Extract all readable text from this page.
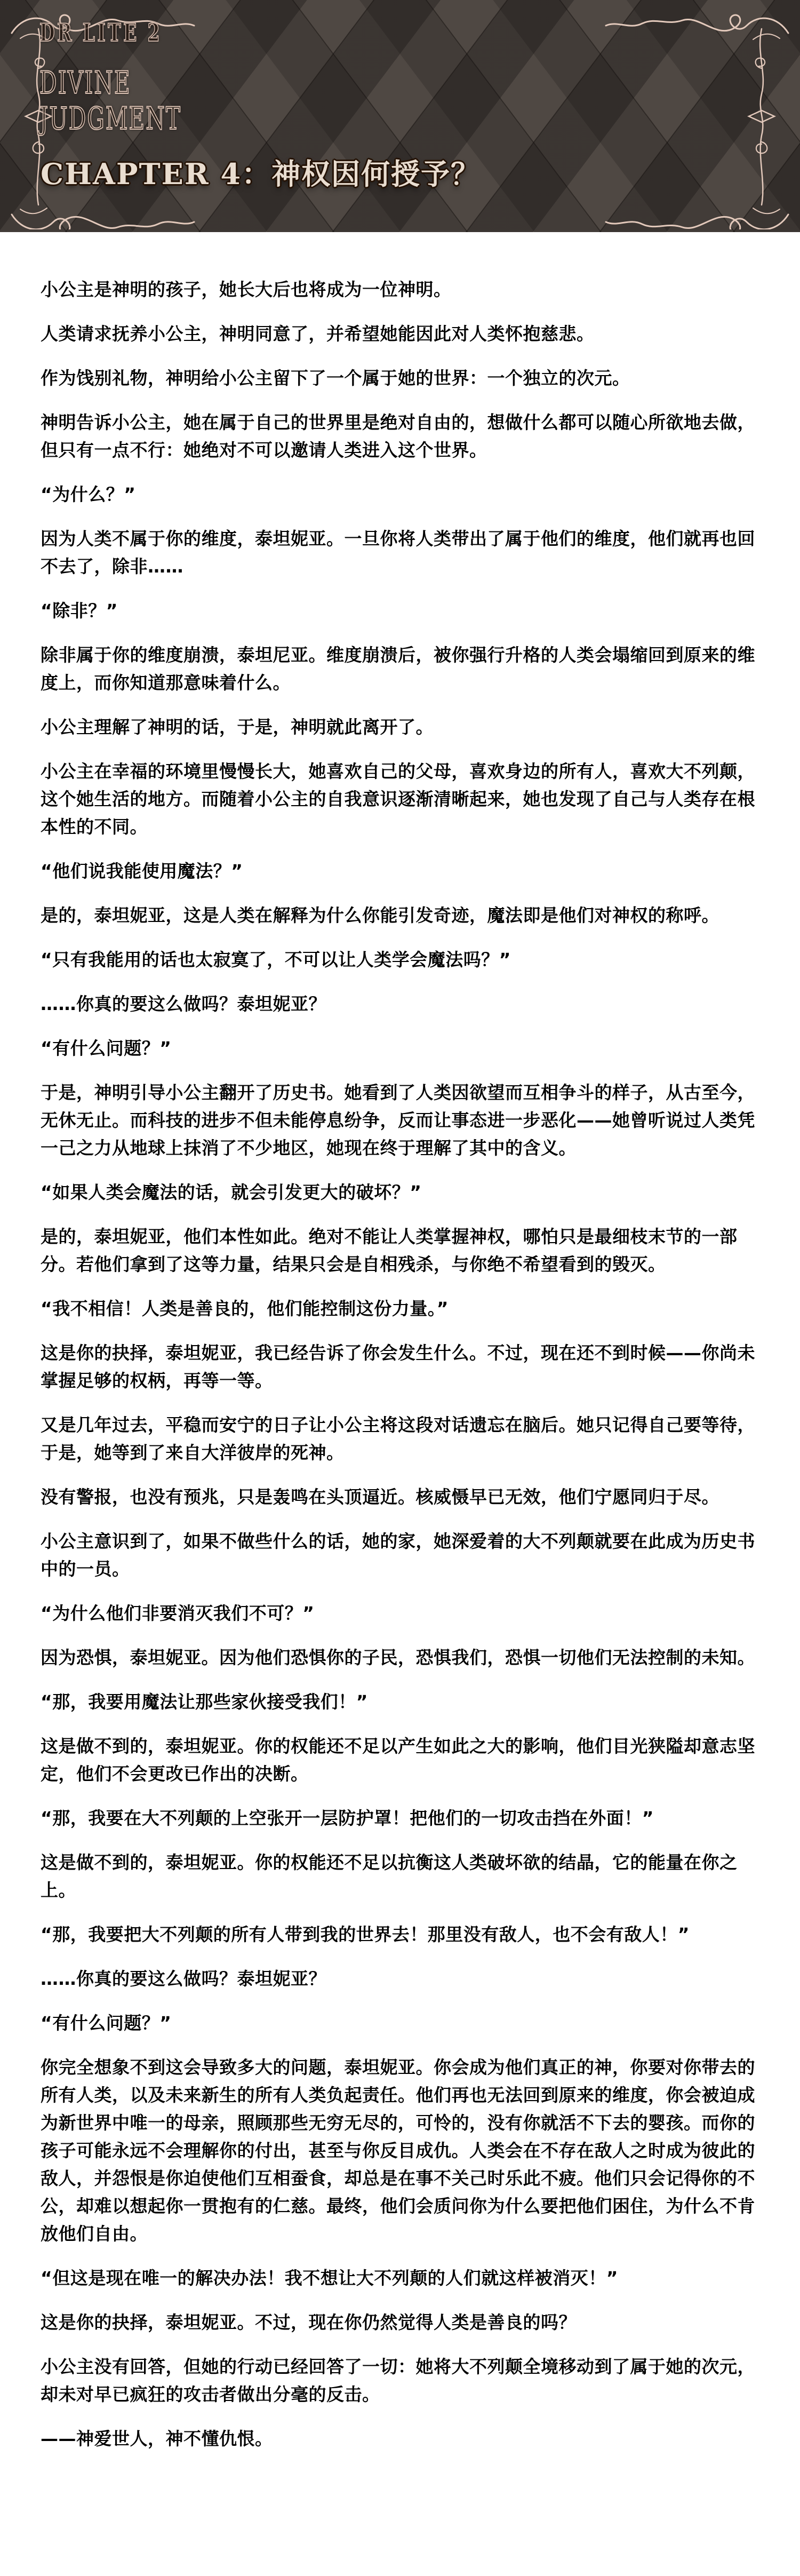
DR LITE 2
DIVINE
JUDGMENT
CHAPTER 4：神权因何授予？

小公主是神明的孩子，她长大后也将成为一位神明。

人类请求抚养小公主，神明同意了，并希望她能因此对人类怀抱慈悲。

作为饯别礼物，神明给小公主留下了一个属于她的世界：一个独立的次元。

神明告诉小公主，她在属于自己的世界里是绝对自由的，想做什么都可以随心所欲地去做，但只有一点不行：她绝对不可以邀请人类进入这个世界。

“为什么？”

因为人类不属于你的维度，泰坦妮亚。一旦你将人类带出了属于他们的维度，他们就再也回不去了，除非……

“除非？”

除非属于你的维度崩溃，泰坦尼亚。维度崩溃后，被你强行升格的人类会塌缩回到原来的维度上，而你知道那意味着什么。

小公主理解了神明的话，于是，神明就此离开了。

小公主在幸福的环境里慢慢长大，她喜欢自己的父母，喜欢身边的所有人，喜欢大不列颠，这个她生活的地方。而随着小公主的自我意识逐渐清晰起来，她也发现了自己与人类存在根本性的不同。

“他们说我能使用魔法？”

是的，泰坦妮亚，这是人类在解释为什么你能引发奇迹，魔法即是他们对神权的称呼。

“只有我能用的话也太寂寞了，不可以让人类学会魔法吗？”

……你真的要这么做吗？泰坦妮亚？

“有什么问题？”

于是，神明引导小公主翻开了历史书。她看到了人类因欲望而互相争斗的样子，从古至今，无休无止。而科技的进步不但未能停息纷争，反而让事态进一步恶化——她曾听说过人类凭一己之力从地球上抹消了不少地区，她现在终于理解了其中的含义。

“如果人类会魔法的话，就会引发更大的破坏？”

是的，泰坦妮亚，他们本性如此。绝对不能让人类掌握神权，哪怕只是最细枝末节的一部分。若他们拿到了这等力量，结果只会是自相残杀，与你绝不希望看到的毁灭。

“我不相信！人类是善良的，他们能控制这份力量。”

这是你的抉择，泰坦妮亚，我已经告诉了你会发生什么。不过，现在还不到时候——你尚未掌握足够的权柄，再等一等。

又是几年过去，平稳而安宁的日子让小公主将这段对话遗忘在脑后。她只记得自己要等待，于是，她等到了来自大洋彼岸的死神。

没有警报，也没有预兆，只是轰鸣在头顶逼近。核威慑早已无效，他们宁愿同归于尽。

小公主意识到了，如果不做些什么的话，她的家，她深爱着的大不列颠就要在此成为历史书中的一员。

“为什么他们非要消灭我们不可？”

因为恐惧，泰坦妮亚。因为他们恐惧你的子民，恐惧我们，恐惧一切他们无法控制的未知。

“那，我要用魔法让那些家伙接受我们！”

这是做不到的，泰坦妮亚。你的权能还不足以产生如此之大的影响，他们目光狭隘却意志坚定，他们不会更改已作出的决断。

“那，我要在大不列颠的上空张开一层防护罩！把他们的一切攻击挡在外面！”

这是做不到的，泰坦妮亚。你的权能还不足以抗衡这人类破坏欲的结晶，它的能量在你之上。

“那，我要把大不列颠的所有人带到我的世界去！那里没有敌人，也不会有敌人！”

……你真的要这么做吗？泰坦妮亚？

“有什么问题？”

你完全想象不到这会导致多大的问题，泰坦妮亚。你会成为他们真正的神，你要对你带去的所有人类，以及未来新生的所有人类负起责任。他们再也无法回到原来的维度，你会被迫成为新世界中唯一的母亲，照顾那些无穷无尽的，可怜的，没有你就活不下去的婴孩。而你的孩子可能永远不会理解你的付出，甚至与你反目成仇。人类会在不存在敌人之时成为彼此的敌人，并怨恨是你迫使他们互相蚕食，却总是在事不关己时乐此不疲。他们只会记得你的不公，却难以想起你一贯抱有的仁慈。最终，他们会质问你为什么要把他们困住，为什么不肯放他们自由。

“但这是现在唯一的解决办法！我不想让大不列颠的人们就这样被消灭！”

这是你的抉择，泰坦妮亚。不过，现在你仍然觉得人类是善良的吗？

小公主没有回答，但她的行动已经回答了一切：她将大不列颠全境移动到了属于她的次元，却未对早已疯狂的攻击者做出分毫的反击。

——神爱世人，神不懂仇恨。
